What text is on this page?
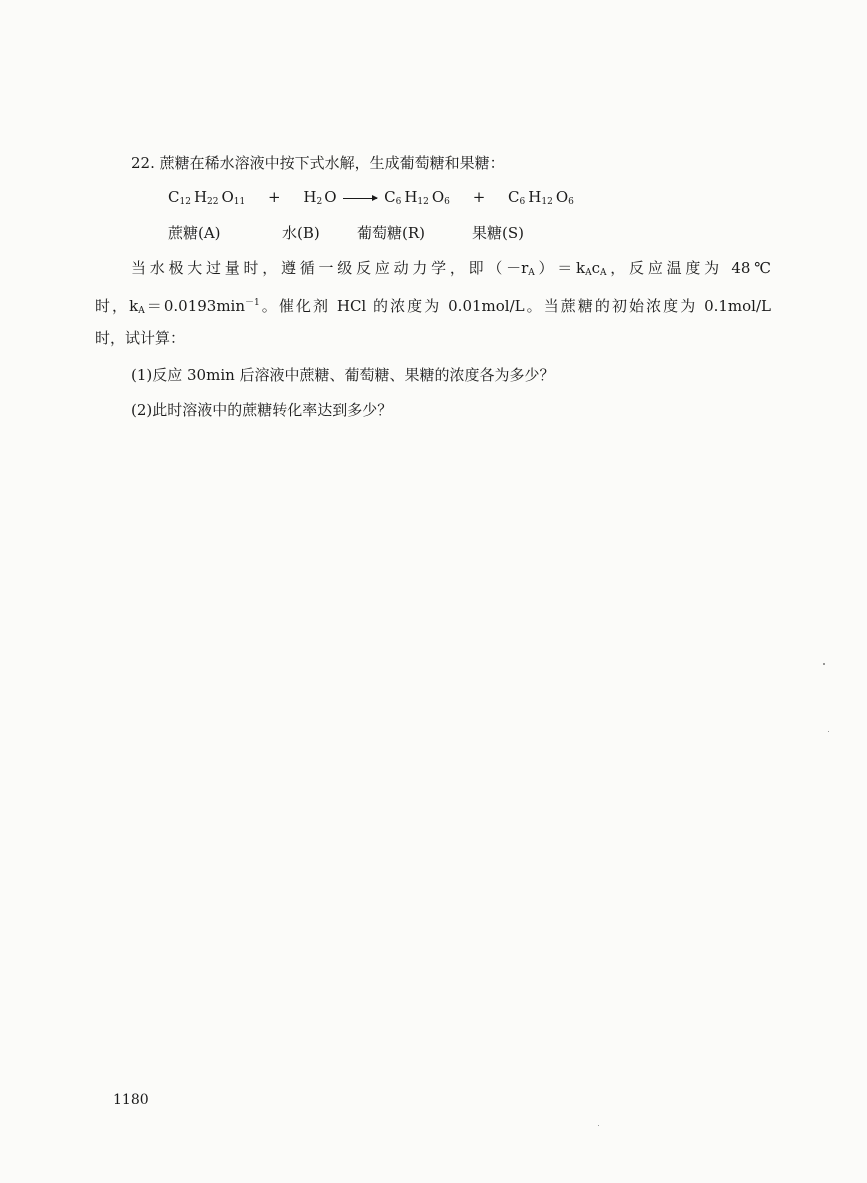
22. 蔗糖在稀水溶液中按下式水解，生成葡萄糖和果糖：
$C_{12}$ $H_{22}$ $O_{11} + H_2$ $O \to C_6$ $H_{12}$ $O_6 + C_6$ $H_{12}$ $O_6$
蔗糖(A)	水(B) 葡萄糖(R)	果糖(S)
当水极大过量时，遵循一级反应动力学，即$(-r_A)=k_Ac_A$，反应温度为 48℃
时，$k_A=0.0193\min^{-1}$。催化剂 HCl 的浓度为 0.01mol/L。当蔗糖的初始浓度为 0.1mol/L
时，试计算：
(1)反应 30min 后溶液中蔗糖、葡萄糖、果糖的浓度各为多少？
(2)此时溶液中的蔗糖转化率达到多少？
1180
